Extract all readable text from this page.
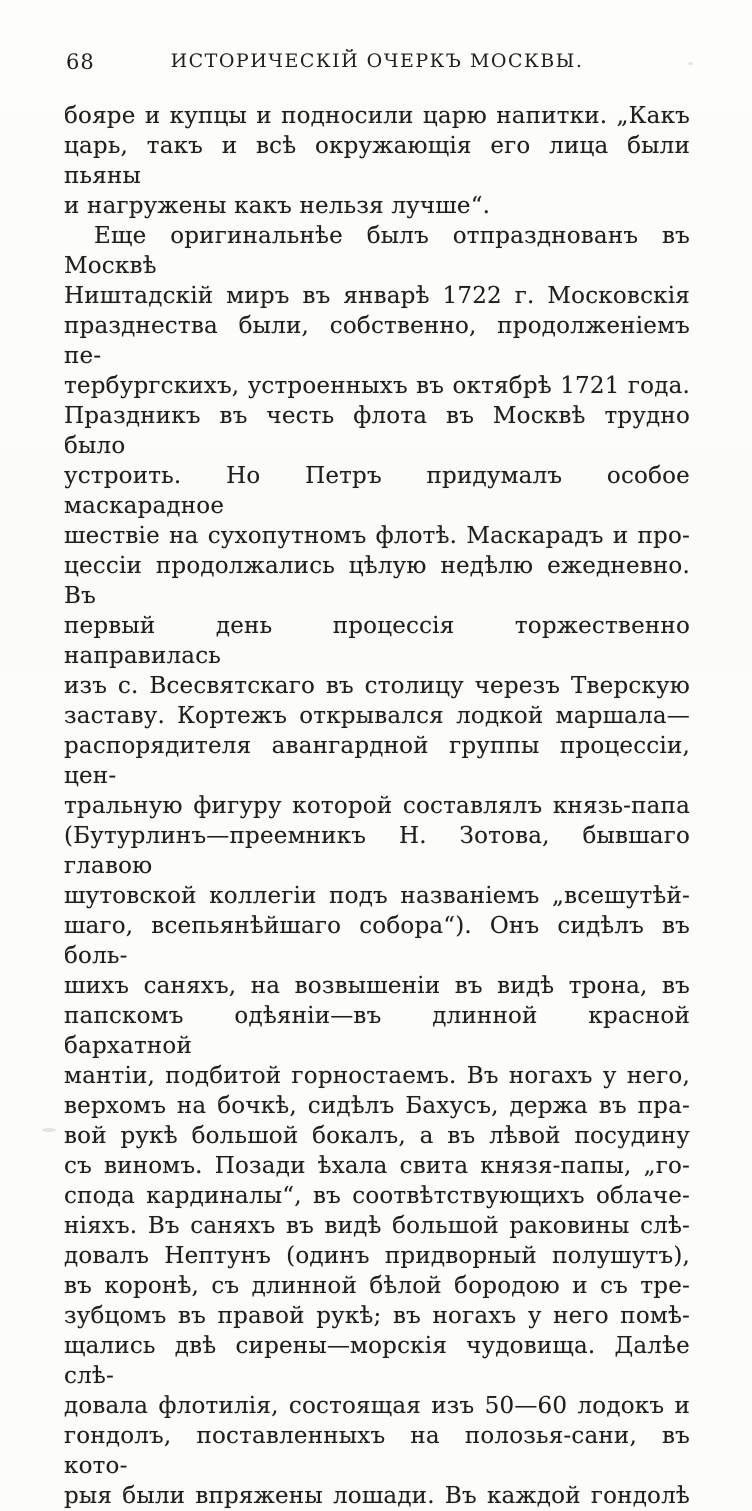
68	ИСТОРИЧЕСКІЙ ОЧЕРКЪ МОСКВЫ.
бояре и купцы и подносили царю напитки. „Какъ
царь, такъ и всѣ окружающія его лица были пьяны
и нагружены какъ нельзя лучше“.
Еще оригинальнѣе былъ отпразднованъ въ Москвѣ
Ништадскій миръ въ январѣ 1722 г. Московскія
празднества были, собственно, продолженіемъ пе-
тербургскихъ, устроенныхъ въ октябрѣ 1721 года.
Праздникъ въ честь флота въ Москвѣ трудно было
устроить. Но Петръ придумалъ особое маскарадное
шествіе на сухопутномъ флотѣ. Маскарадъ и про-
цессіи продолжались цѣлую недѣлю ежедневно. Въ
первый день процессія торжественно направилась
изъ с. Всесвятскаго въ столицу черезъ Тверскую
заставу. Кортежъ открывался лодкой маршала—
распорядителя авангардной группы процессіи, цен-
тральную фигуру которой составлялъ князь-папа
(Бутурлинъ—преемникъ Н. Зотова, бывшаго главою
шутовской коллегіи подъ названіемъ „всешутѣй-
шаго, всепьянѣйшаго собора“). Онъ сидѣлъ въ боль-
шихъ саняхъ, на возвышеніи въ видѣ трона, въ
папскомъ одѣяніи—въ длинной красной бархатной
мантіи, подбитой горностаемъ. Въ ногахъ у него,
верхомъ на бочкѣ, сидѣлъ Бахусъ, держа въ пра-
вой рукѣ большой бокалъ, а въ лѣвой посудину
съ виномъ. Позади ѣхала свита князя-папы, „го-
спода кардиналы“, въ соотвѣтствующихъ облаче-
ніяхъ. Въ саняхъ въ видѣ большой раковины слѣ-
довалъ Нептунъ (одинъ придворный полушутъ),
въ коронѣ, съ длинной бѣлой бородою и съ тре-
зубцомъ въ правой рукѣ; въ ногахъ у него помѣ-
щались двѣ сирены—морскія чудовища. Далѣе слѣ-
довала флотилія, состоящая изъ 50—60 лодокъ и
гондолъ, поставленныхъ на полозья-сани, въ кото-
рыя были впряжены лошади. Въ каждой гондолѣ
